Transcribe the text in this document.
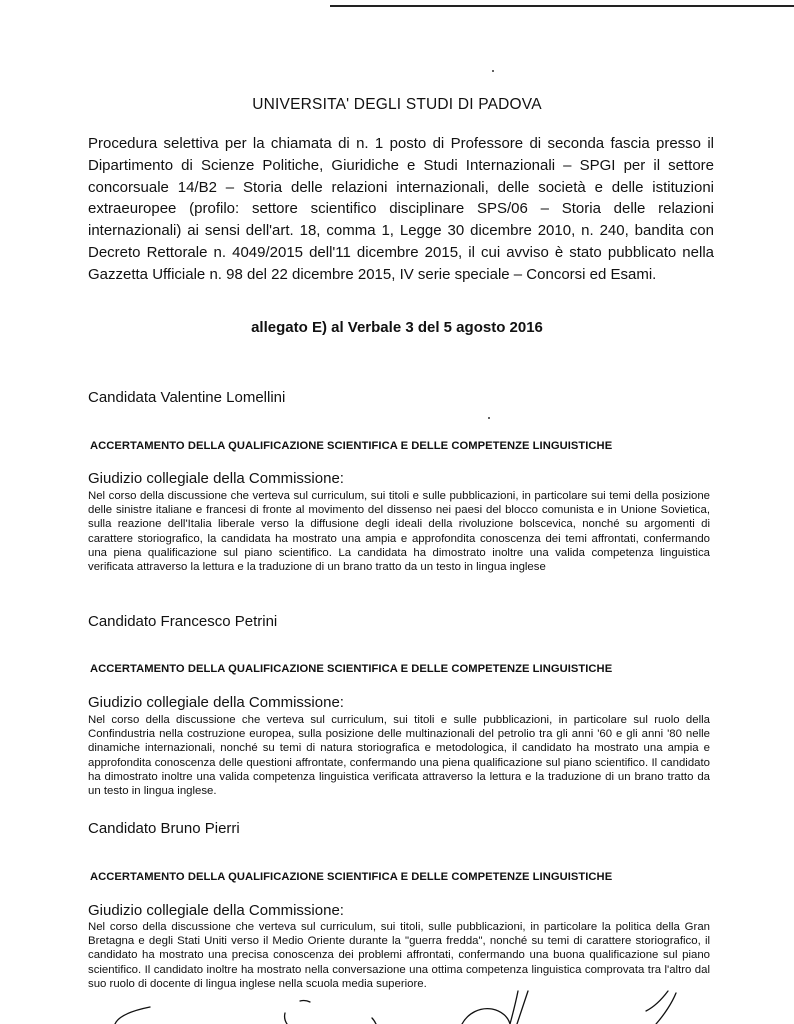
UNIVERSITA' DEGLI STUDI DI PADOVA

Procedura selettiva per la chiamata di n. 1 posto di Professore di seconda fascia presso il Dipartimento di Scienze Politiche, Giuridiche e Studi Internazionali – SPGI per il settore concorsuale 14/B2 – Storia delle relazioni internazionali, delle società e delle istituzioni extraeuropee (profilo: settore scientifico disciplinare SPS/06 – Storia delle relazioni internazionali) ai sensi dell'art. 18, comma 1, Legge 30 dicembre 2010, n. 240, bandita con Decreto Rettorale n. 4049/2015 dell'11 dicembre 2015, il cui avviso è stato pubblicato nella Gazzetta Ufficiale n. 98 del 22 dicembre 2015, IV serie speciale – Concorsi ed Esami.

allegato E) al Verbale 3 del 5 agosto 2016
Candidata Valentine Lomellini
ACCERTAMENTO DELLA QUALIFICAZIONE SCIENTIFICA E DELLE COMPETENZE LINGUISTICHE
Giudizio collegiale della Commissione:

Nel corso della discussione che verteva sul curriculum, sui titoli e sulle pubblicazioni, in particolare sui temi della posizione delle sinistre italiane e francesi di fronte al movimento del dissenso nei paesi del blocco comunista e in Unione Sovietica, sulla reazione dell'Italia liberale verso la diffusione degli ideali della rivoluzione bolscevica, nonché su argomenti di carattere storiografico, la candidata ha mostrato una ampia e approfondita conoscenza dei temi affrontati, confermando una piena qualificazione sul piano scientifico. La candidata ha dimostrato inoltre una valida competenza linguistica verificata attraverso la lettura e la traduzione di un brano tratto da un testo in lingua inglese

Candidato Francesco Petrini
ACCERTAMENTO DELLA QUALIFICAZIONE SCIENTIFICA E DELLE COMPETENZE LINGUISTICHE
Giudizio collegiale della Commissione:

Nel corso della discussione che verteva sul curriculum, sui titoli e sulle pubblicazioni, in particolare sul ruolo della Confindustria nella costruzione europea, sulla posizione delle multinazionali del petrolio tra gli anni '60 e gli anni '80 nelle dinamiche internazionali, nonché su temi di natura storiografica e metodologica, il candidato ha mostrato una ampia e approfondita conoscenza delle questioni affrontate, confermando una piena qualificazione sul piano scientifico. Il candidato ha dimostrato inoltre una valida competenza linguistica verificata attraverso la lettura e la traduzione di un brano tratto da un testo in lingua inglese.

Candidato Bruno Pierri
ACCERTAMENTO DELLA QUALIFICAZIONE SCIENTIFICA E DELLE COMPETENZE LINGUISTICHE
Giudizio collegiale della Commissione:

Nel corso della discussione che verteva sul curriculum, sui titoli, sulle pubblicazioni, in particolare la politica della Gran Bretagna e degli Stati Uniti verso il Medio Oriente durante la "guerra fredda", nonché su temi di carattere storiografico, il candidato ha mostrato una precisa conoscenza dei problemi affrontati, confermando una buona qualificazione sul piano scientifico. Il candidato inoltre ha mostrato nella conversazione una ottima competenza linguistica comprovata tra l'altro dal suo ruolo di docente di lingua inglese nella scuola media superiore.
